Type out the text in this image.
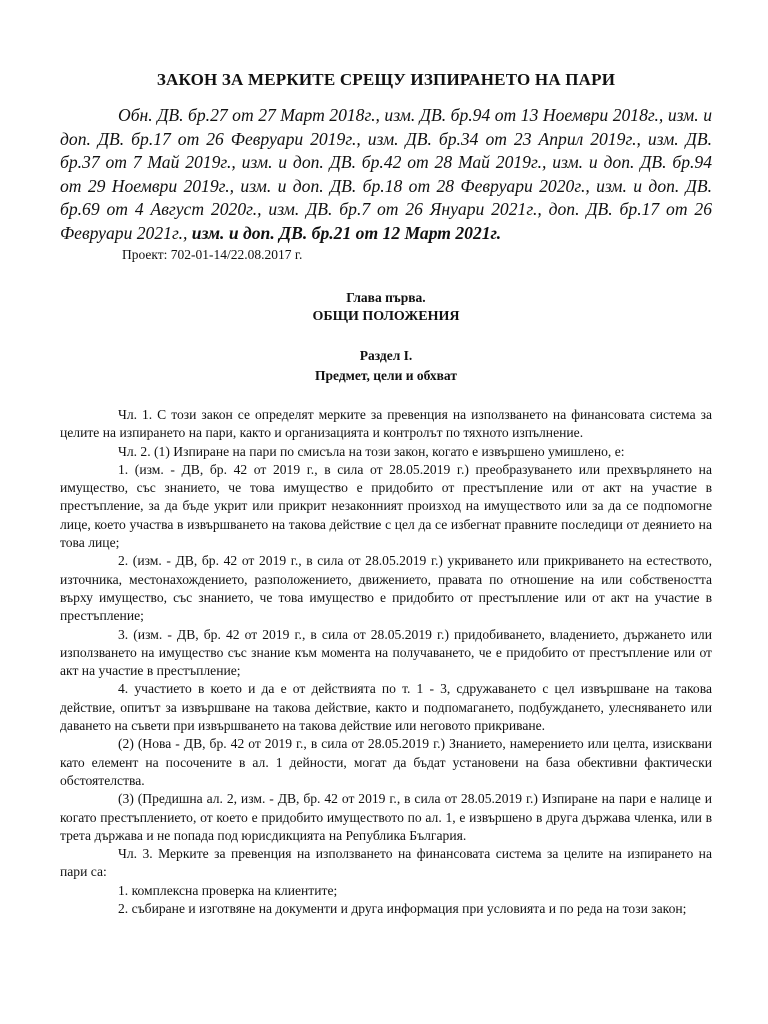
ЗАКОН ЗА МЕРКИТЕ СРЕЩУ ИЗПИРАНЕТО НА ПАРИ

Обн. ДВ. бр.27 от 27 Март 2018г., изм. ДВ. бр.94 от 13 Ноември 2018г., изм. и доп. ДВ. бр.17 от 26 Февруари 2019г., изм. ДВ. бр.34 от 23 Април 2019г., изм. ДВ. бр.37 от 7 Май 2019г., изм. и доп. ДВ. бр.42 от 28 Май 2019г., изм. и доп. ДВ. бр.94 от 29 Ноември 2019г., изм. и доп. ДВ. бр.18 от 28 Февруари 2020г., изм. и доп. ДВ. бр.69 от 4 Август 2020г., изм. ДВ. бр.7 от 26 Януари 2021г., доп. ДВ. бр.17 от 26 Февруари 2021г., изм. и доп. ДВ. бр.21 от 12 Март 2021г.

Проект: 702-01-14/22.08.2017 г.

Глава първа.
ОБЩИ ПОЛОЖЕНИЯ
Раздел I.
Предмет, цели и обхват

Чл. 1. С този закон се определят мерките за превенция на използването на финансовата система за целите на изпирането на пари, както и организацията и контролът по тяхното изпълнение.

Чл. 2. (1) Изпиране на пари по смисъла на този закон, когато е извършено умишлено, е:

1. (изм. - ДВ, бр. 42 от 2019 г., в сила от 28.05.2019 г.) преобразуването или прехвърлянето на имущество, със знанието, че това имущество е придобито от престъпление или от акт на участие в престъпление, за да бъде укрит или прикрит незаконният произход на имуществото или за да се подпомогне лице, което участва в извършването на такова действие с цел да се избегнат правните последици от деянието на това лице;

2. (изм. - ДВ, бр. 42 от 2019 г., в сила от 28.05.2019 г.) укриването или прикриването на естеството, източника, местонахождението, разположението, движението, правата по отношение на или собствеността върху имущество, със знанието, че това имущество е придобито от престъпление или от акт на участие в престъпление;

3. (изм. - ДВ, бр. 42 от 2019 г., в сила от 28.05.2019 г.) придобиването, владението, държането или използването на имущество със знание към момента на получаването, че е придобито от престъпление или от акт на участие в престъпление;

4. участието в което и да е от действията по т. 1 - 3, сдружаването с цел извършване на такова действие, опитът за извършване на такова действие, както и подпомагането, подбуждането, улесняването или даването на съвети при извършването на такова действие или неговото прикриване.

(2) (Нова - ДВ, бр. 42 от 2019 г., в сила от 28.05.2019 г.) Знанието, намерението или целта, изисквани като елемент на посочените в ал. 1 дейности, могат да бъдат установени на база обективни фактически обстоятелства.

(3) (Предишна ал. 2, изм. - ДВ, бр. 42 от 2019 г., в сила от 28.05.2019 г.) Изпиране на пари е налице и когато престъплението, от което е придобито имуществото по ал. 1, е извършено в друга държава членка, или в трета държава и не попада под юрисдикцията на Република България.

Чл. 3. Мерките за превенция на използването на финансовата система за целите на изпирането на пари са:

1. комплексна проверка на клиентите;

2. събиране и изготвяне на документи и друга информация при условията и по реда на този закон;
